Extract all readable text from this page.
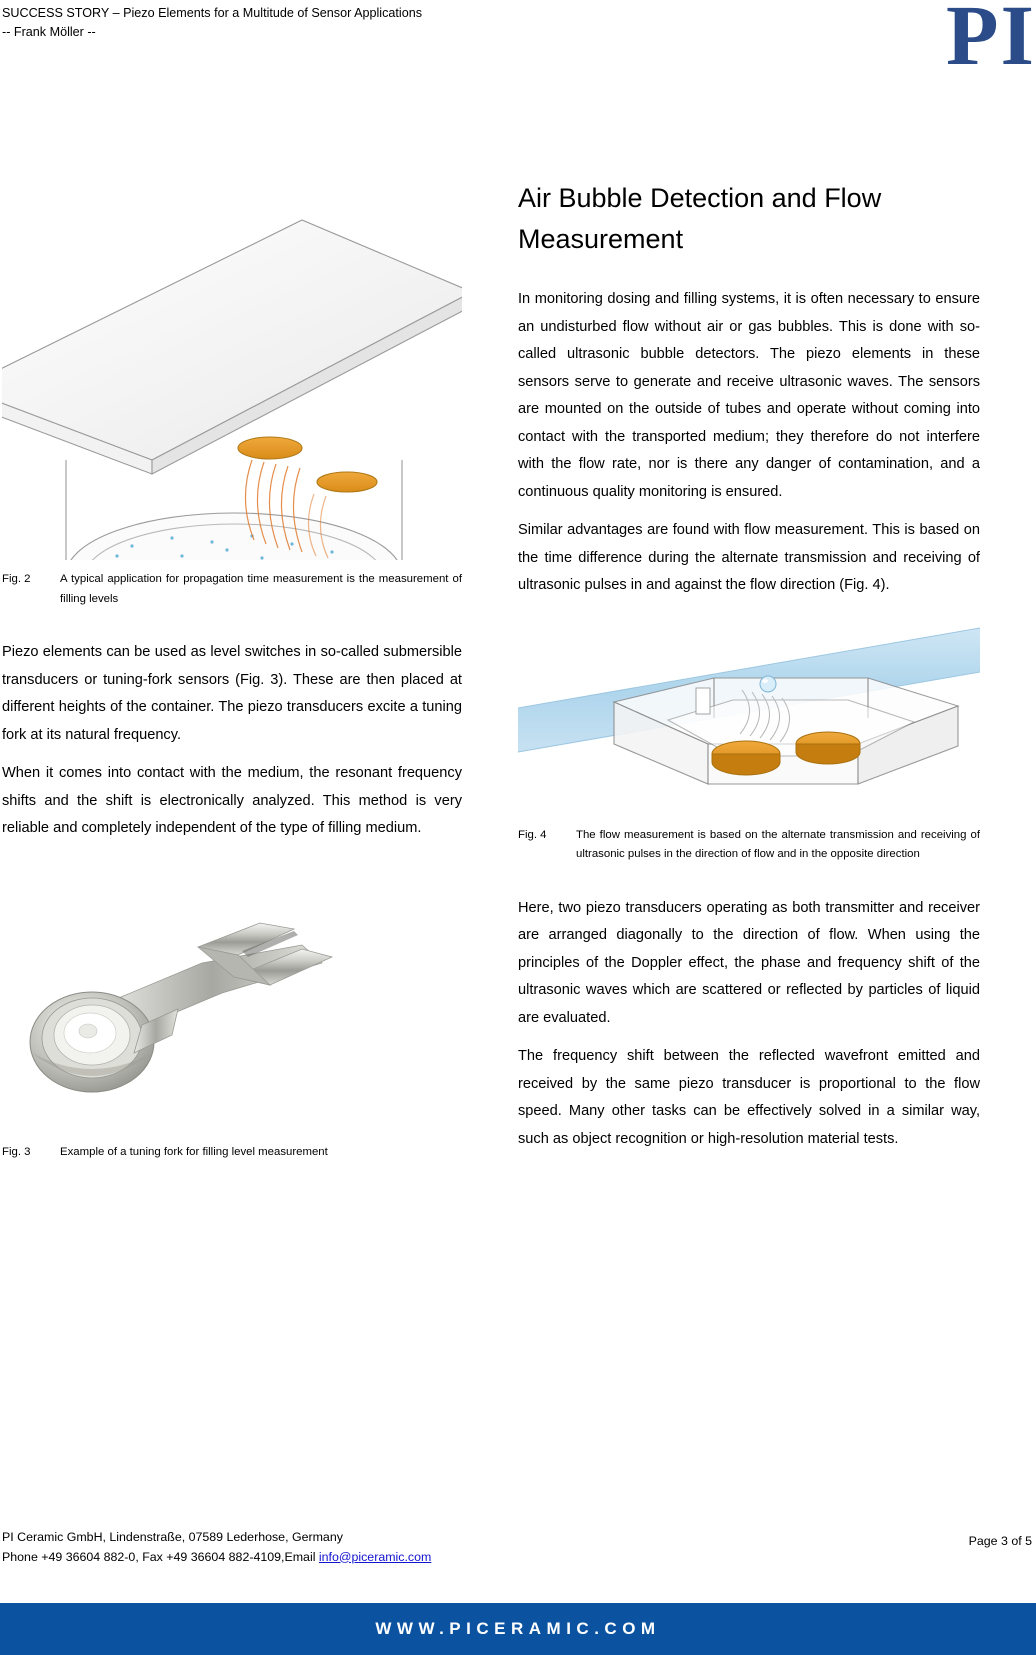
SUCCESS STORY – Piezo Elements for a Multitude of Sensor Applications
-- Frank Möller --	PI
Fig. 2	A typical application for propagation time measurement is the measurement of filling levels

Piezo elements can be used as level switches in so-called submersible transducers or tuning-fork sensors (Fig. 3). These are then placed at different heights of the container. The piezo transducers excite a tuning fork at its natural frequency.

When it comes into contact with the medium, the resonant frequency shifts and the shift is electronically analyzed. This method is very reliable and completely independent of the type of filling medium.

Fig. 3	Example of a tuning fork for filling level measurement
Air Bubble Detection and Flow Measurement

In monitoring dosing and filling systems, it is often necessary to ensure an undisturbed flow without air or gas bubbles. This is done with so-called ultrasonic bubble detectors. The piezo elements in these sensors serve to generate and receive ultrasonic waves. The sensors are mounted on the outside of tubes and operate without coming into contact with the transported medium; they therefore do not interfere with the flow rate, nor is there any danger of contamination, and a continuous quality monitoring is ensured.

Similar advantages are found with flow measurement. This is based on the time difference during the alternate transmission and receiving of ultrasonic pulses in and against the flow direction (Fig. 4).

Fig. 4	The flow measurement is based on the alternate transmission and receiving of ultrasonic pulses in the direction of flow and in the opposite direction

Here, two piezo transducers operating as both transmitter and receiver are arranged diagonally to the direction of flow. When using the principles of the Doppler effect, the phase and frequency shift of the ultrasonic waves which are scattered or reflected by particles of liquid are evaluated.

The frequency shift between the reflected wavefront emitted and received by the same piezo transducer is proportional to the flow speed. Many other tasks can be effectively solved in a similar way, such as object recognition or high-resolution material tests.

Page 3 of 5
PI Ceramic GmbH, Lindenstraße, 07589 Lederhose, Germany
Phone +49 36604 882-0, Fax +49 36604 882-4109,Email info@piceramic.com
WWW.PICERAMIC.COM
